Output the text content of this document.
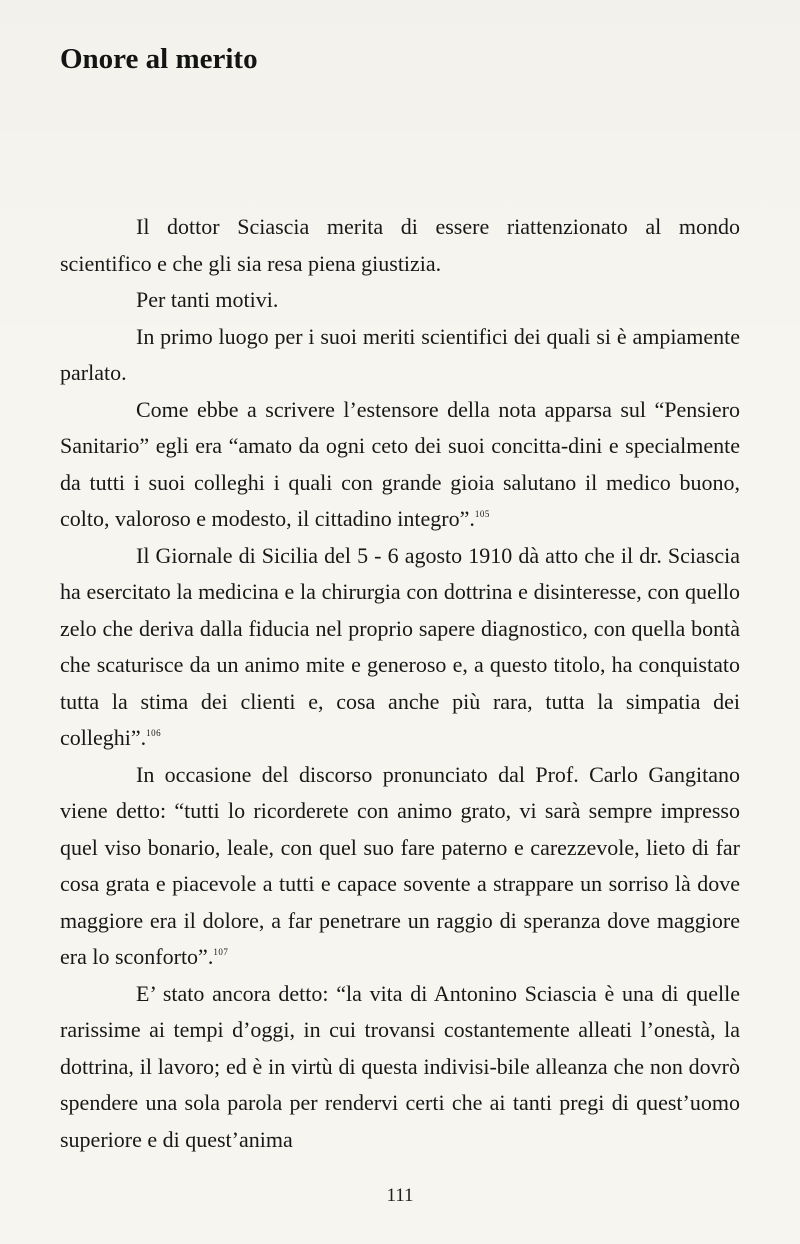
Onore al merito

Il dottor Sciascia merita di essere riattenzionato al mondo scientifico e che gli sia resa piena giustizia.

Per tanti motivi.

In primo luogo per i suoi meriti scientifici dei quali si è ampiamente parlato.

Come ebbe a scrivere l’estensore della nota apparsa sul “Pensiero Sanitario” egli era “amato da ogni ceto dei suoi concitta-dini e specialmente da tutti i suoi colleghi i quali con grande gioia salutano il medico buono, colto, valoroso e modesto, il cittadino integro”.$^{105}$

Il Giornale di Sicilia del 5 - 6 agosto 1910 dà atto che il dr. Sciascia ha esercitato la medicina e la chirurgia con dottrina e disinteresse, con quello zelo che deriva dalla fiducia nel proprio sapere diagnostico, con quella bontà che scaturisce da un animo mite e generoso e, a questo titolo, ha conquistato tutta la stima dei clienti e, cosa anche più rara, tutta la simpatia dei colleghi”.$^{106}$

In occasione del discorso pronunciato dal Prof. Carlo Gangitano viene detto: “tutti lo ricorderete con animo grato, vi sarà sempre impresso quel viso bonario, leale, con quel suo fare paterno e carezzevole, lieto di far cosa grata e piacevole a tutti e capace sovente a strappare un sorriso là dove maggiore era il dolore, a far penetrare un raggio di speranza dove maggiore era lo sconforto”.$^{107}$

E’ stato ancora detto: “la vita di Antonino Sciascia è una di quelle rarissime ai tempi d’oggi, in cui trovansi costantemente alleati l’onestà, la dottrina, il lavoro; ed è in virtù di questa indivisi-bile alleanza che non dovrò spendere una sola parola per rendervi certi che ai tanti pregi di quest’uomo superiore e di quest’anima

111
